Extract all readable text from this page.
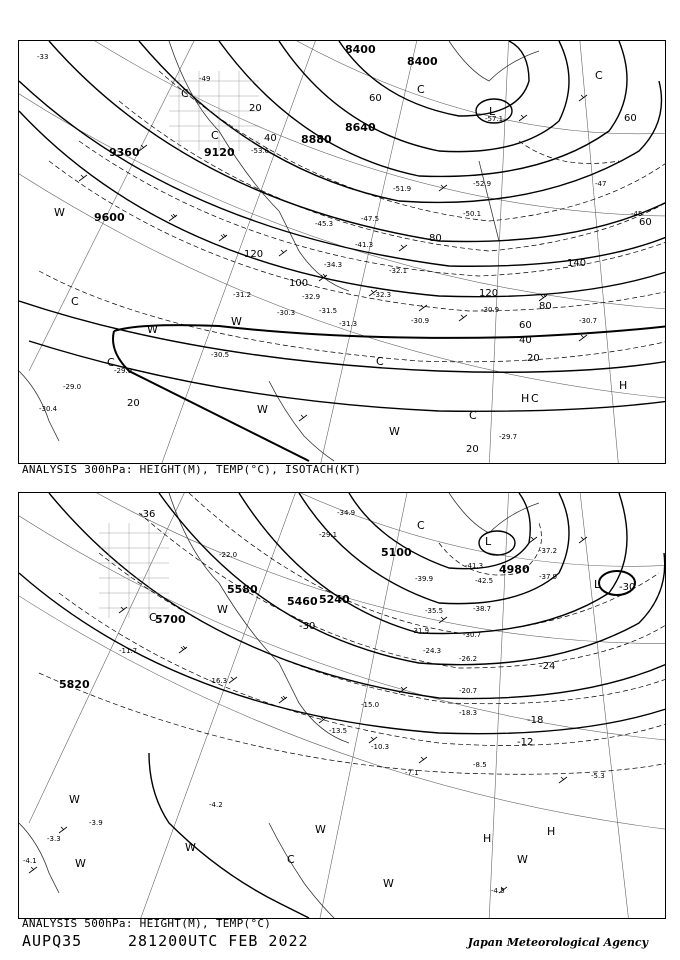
9360	9120
9600
8880
8640
8400
8400
20
40
60
80
100
120
140
80
120
20
20
20
60
40
60
60
C
C
C
W
W
W
W
W
C
C
C
H
H
C
L
C
C
-57.1
-51.9
-50.1
-47.5
-45.3
-41.3
-34.3
-31.2
-32.1
-32.9	-32.3
-30.9
-31.5
-31.3
-30.3
-30.5
-29.9
-30.7
-29.7
-29.0
-30.4
-30.9
-52.9
-33
-45
-49
-47
-53.6
ANALYSIS 300hPa: HEIGHT(M), TEMP(°C), ISOTACH(KT)
5100
4980
5240
5460
5580
5820
5700
-30
-24
-18
-12
-30
-36
L
L
C
C
C
W
W
W
W
W
W
H
H
W
-41.3
-42.5
-39.9
-35.5	-38.7
-37.2
-31.9	-30.7
-26.2
-24.3
-20.7
-18.3
-15.0
-13.5
-10.3
-8.5
-7.1	-5.3
-4.5
-4.2
-3.9
-3.3
-4.1
-11.7
-16.3
-22.0
-29.1
-34.9
-37.9
ANALYSIS 500hPa: HEIGHT(M), TEMP(°C)
AUPQ35	281200UTC FEB 2022	Japan Meteorological Agency
